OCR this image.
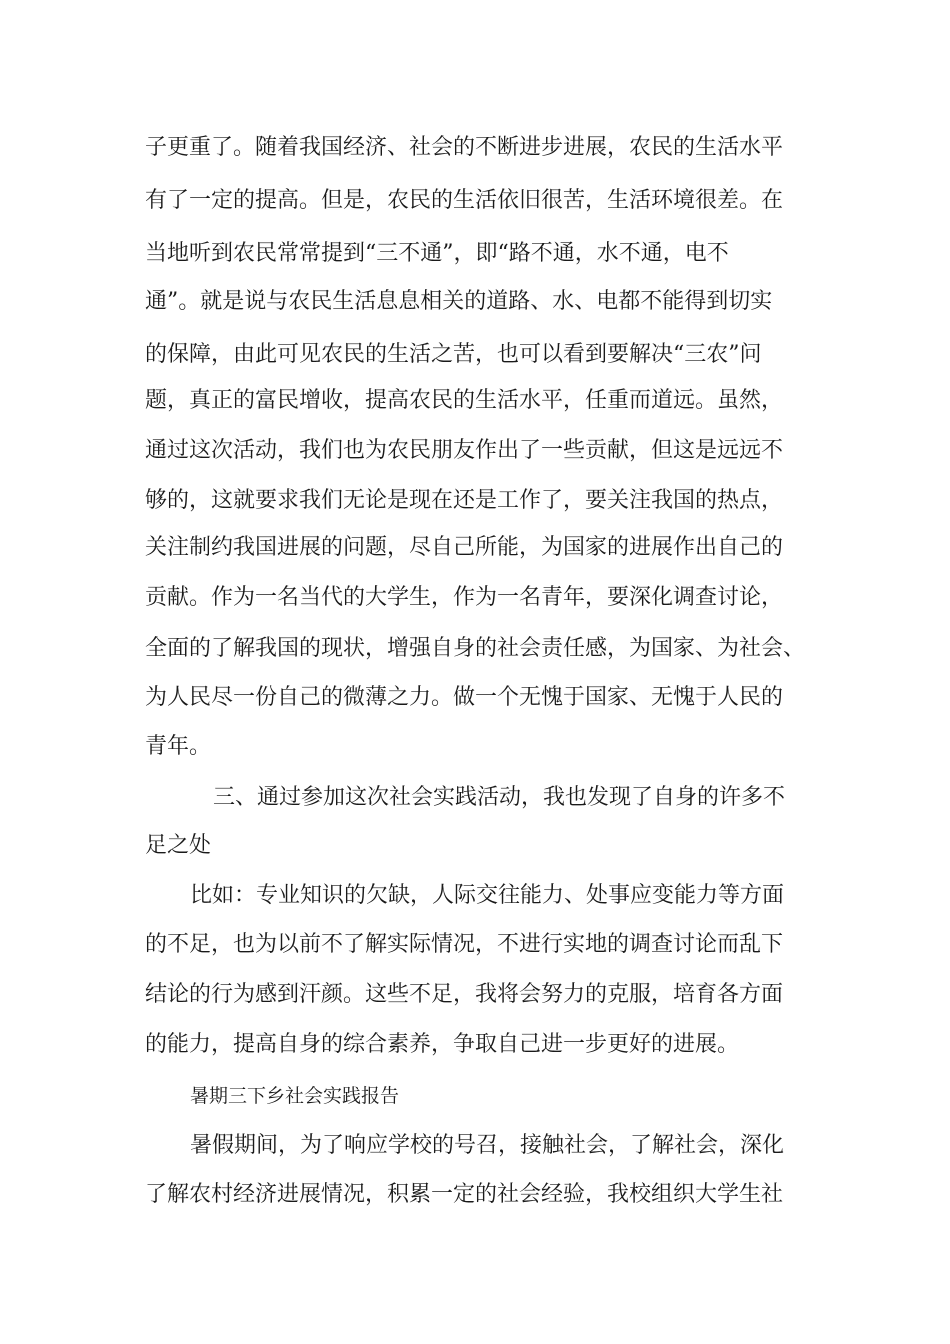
子更重了。随着我国经济、社会的不断进步进展，农民的生活水平
有了一定的提高。但是，农民的生活依旧很苦，生活环境很差。在
当地听到农民常常提到“三不通”，即“路不通，水不通，电不
通”。就是说与农民生活息息相关的道路、水、电都不能得到切实
的保障，由此可见农民的生活之苦，也可以看到要解决“三农”问
题，真正的富民增收，提高农民的生活水平，任重而道远。虽然，
通过这次活动，我们也为农民朋友作出了一些贡献，但这是远远不
够的，这就要求我们无论是现在还是工作了，要关注我国的热点，
关注制约我国进展的问题，尽自己所能，为国家的进展作出自己的
贡献。作为一名当代的大学生，作为一名青年，要深化调查讨论，
全面的了解我国的现状，增强自身的社会责任感，为国家、为社会、
为人民尽一份自己的微薄之力。做一个无愧于国家、无愧于人民的
青年。
三、通过参加这次社会实践活动，我也发现了自身的许多不
足之处
比如：专业知识的欠缺，人际交往能力、处事应变能力等方面
的不足，也为以前不了解实际情况，不进行实地的调查讨论而乱下
结论的行为感到汗颜。这些不足，我将会努力的克服，培育各方面
的能力，提高自身的综合素养，争取自己进一步更好的进展。
暑期三下乡社会实践报告
暑假期间，为了响应学校的号召，接触社会，了解社会，深化
了解农村经济进展情况，积累一定的社会经验，我校组织大学生社
